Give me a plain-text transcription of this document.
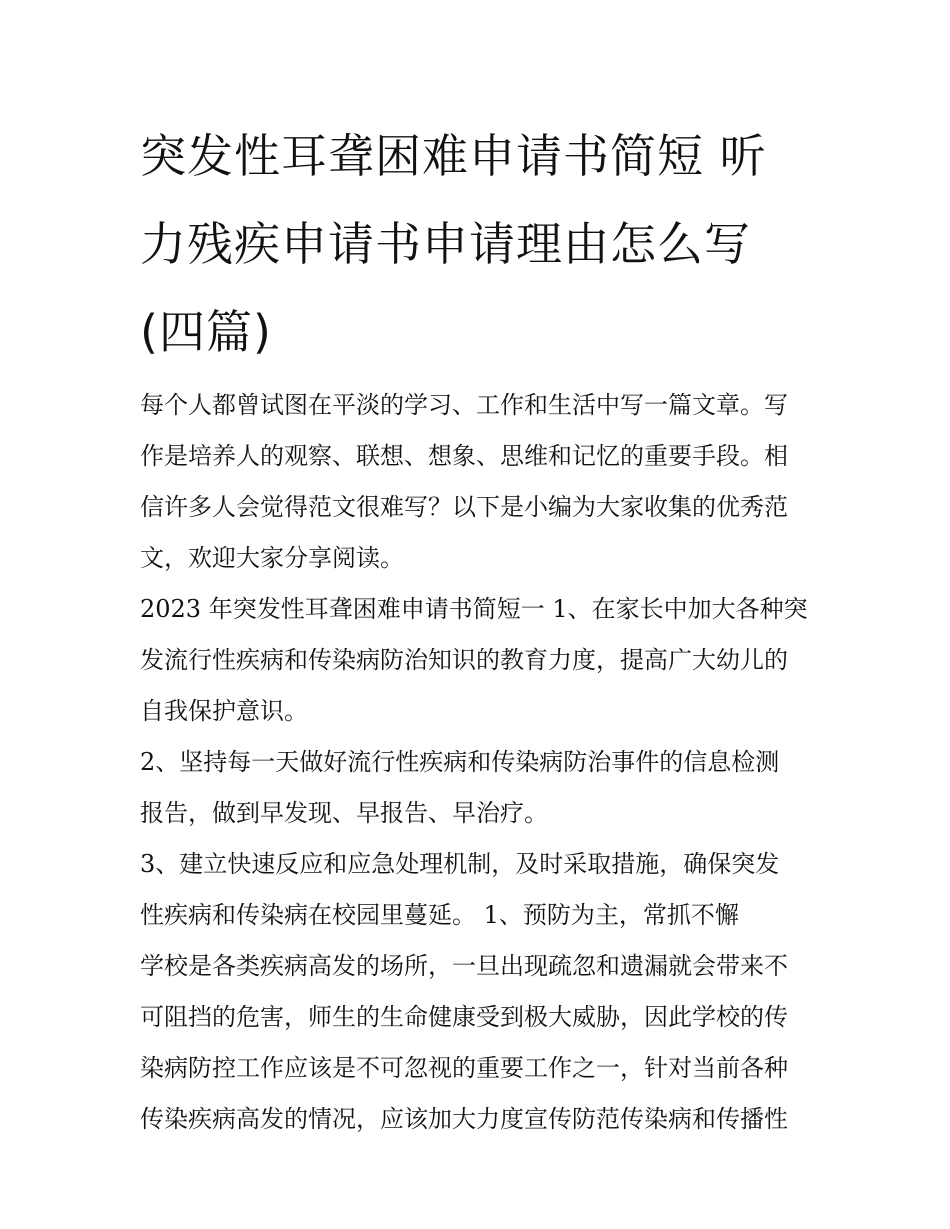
突发性耳聋困难申请书简短 听
力残疾申请书申请理由怎么写
(四篇)

每个人都曾试图在平淡的学习、工作和生活中写一篇文章。写
作是培养人的观察、联想、想象、思维和记忆的重要手段。相
信许多人会觉得范文很难写？以下是小编为大家收集的优秀范
文，欢迎大家分享阅读。

2023 年突发性耳聋困难申请书简短一 1、在家长中加大各种突
发流行性疾病和传染病防治知识的教育力度，提高广大幼儿的
自我保护意识。

2、坚持每一天做好流行性疾病和传染病防治事件的信息检测
报告，做到早发现、早报告、早治疗。

3、建立快速反应和应急处理机制，及时采取措施，确保突发
性疾病和传染病在校园里蔓延。 1、预防为主，常抓不懈

学校是各类疾病高发的场所，一旦出现疏忽和遗漏就会带来不
可阻挡的危害，师生的生命健康受到极大威胁，因此学校的传
染病防控工作应该是不可忽视的重要工作之一，针对当前各种
传染疾病高发的情况，应该加大力度宣传防范传染病和传播性
